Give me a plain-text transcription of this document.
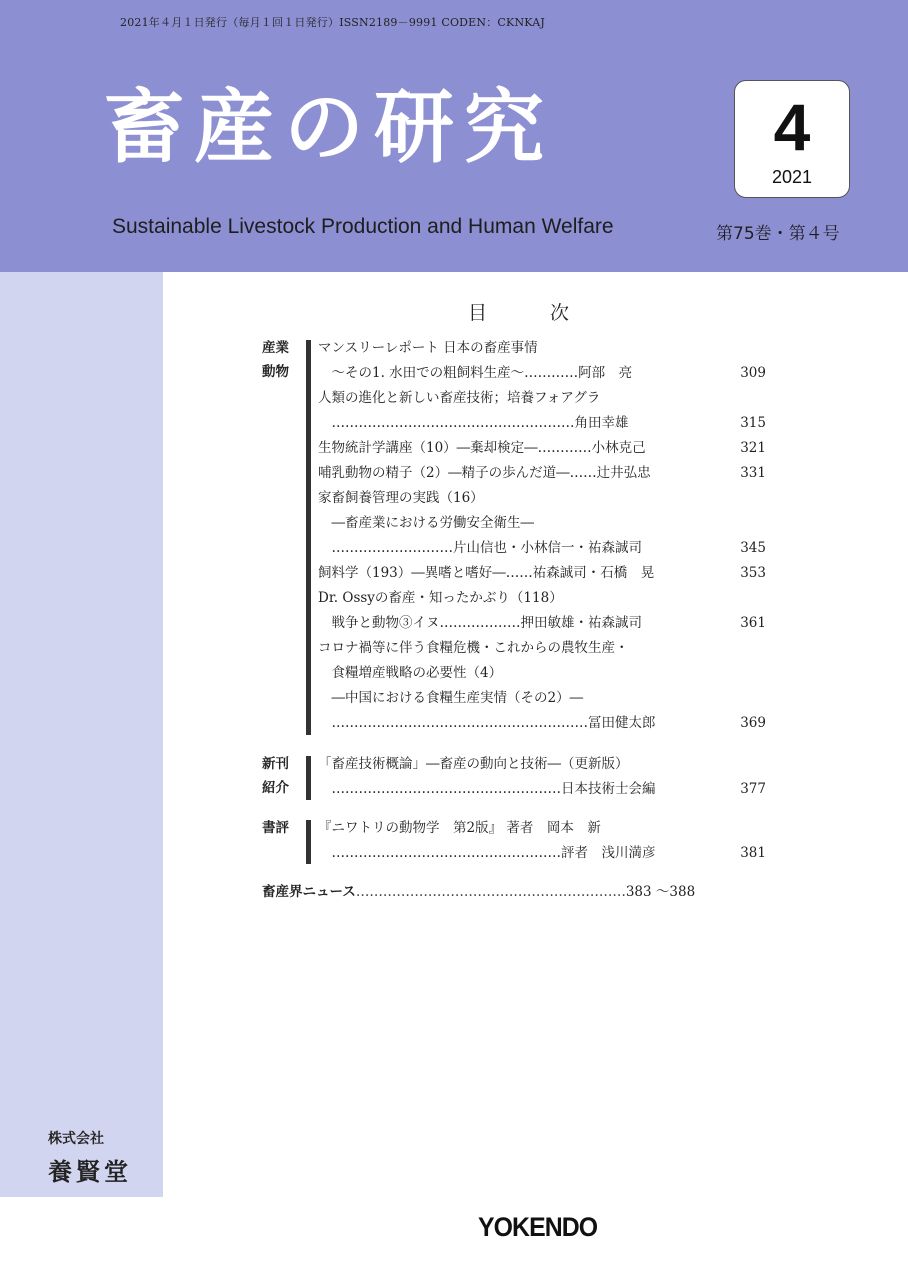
2021年４月１日発行（毎月１回１日発行）ISSN2189－9991 CODEN：CKNKAJ
畜産の研究
Sustainable Livestock Production and Human Welfare
4
2021
第75巻・第４号
目　次
産業
動物
マンスリーレポート 日本の畜産事情
　～その1. 水田での粗飼料生産～…………阿部　亮	309
人類の進化と新しい畜産技術；培養フォアグラ
　………………………………………………角田幸雄	315
生物統計学講座（10）―棄却検定―…………小林克己	321
哺乳動物の精子（2）―精子の歩んだ道―……辻井弘忠	331
家畜飼養管理の実践（16）
　―畜産業における労働安全衛生―
　………………………片山信也・小林信一・祐森誠司	345
飼料学（193）―異嗜と嗜好―……祐森誠司・石橋　晃	353
Dr. Ossyの畜産・知ったかぶり（118）
　戦争と動物③イヌ………………押田敏雄・祐森誠司	361
コロナ禍等に伴う食糧危機・これからの農牧生産・
　食糧増産戦略の必要性（4）
　―中国における食糧生産実情（その2）―
　…………………………………………………冨田健太郎	369
新刊
紹介
「畜産技術概論」―畜産の動向と技術―（更新版）
　……………………………………………日本技術士会編	377
書評	『ニワトリの動物学　第2版』 著者　岡本　新
　……………………………………………評者　浅川満彦	381
畜産界ニュース……………………………………………………383 ～388
株式会社
養賢堂
YOKENDO
